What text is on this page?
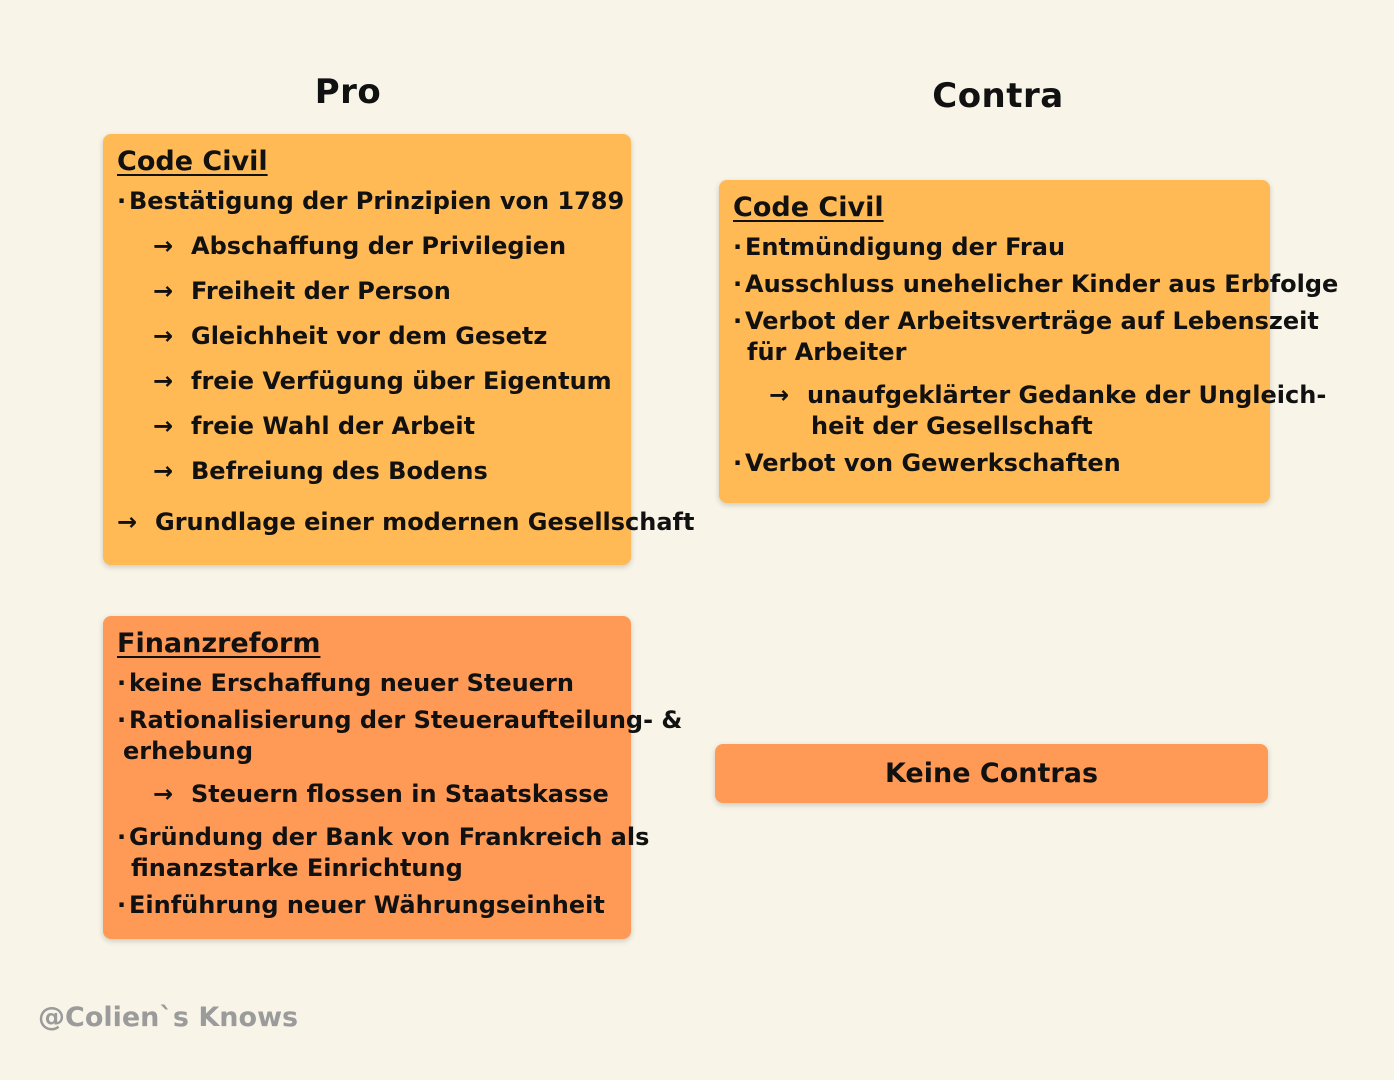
Pro	Contra
Code Civil
· Bestätigung der Prinzipien von 1789
→ Abschaffung der Privilegien
→ Freiheit der Person
→ Gleichheit vor dem Gesetz
→ freie Verfügung über Eigentum
→ freie Wahl der Arbeit
→ Befreiung des Bodens
→ Grundlage einer modernen Gesellschaft
Finanzreform
· keine Erschaffung neuer Steuern
· Rationalisierung der Steueraufteilung- &
erhebung
→ Steuern flossen in Staatskasse
· Gründung der Bank von Frankreich als
finanzstarke Einrichtung
· Einführung neuer Währungseinheit
Code Civil
· Entmündigung der Frau
· Ausschluss unehelicher Kinder aus Erbfolge
· Verbot der Arbeitsverträge auf Lebenszeit
für Arbeiter
→ unaufgeklärter Gedanke der Ungleich-
heit der Gesellschaft
· Verbot von Gewerkschaften
Keine Contras
@Colien`s Knows
